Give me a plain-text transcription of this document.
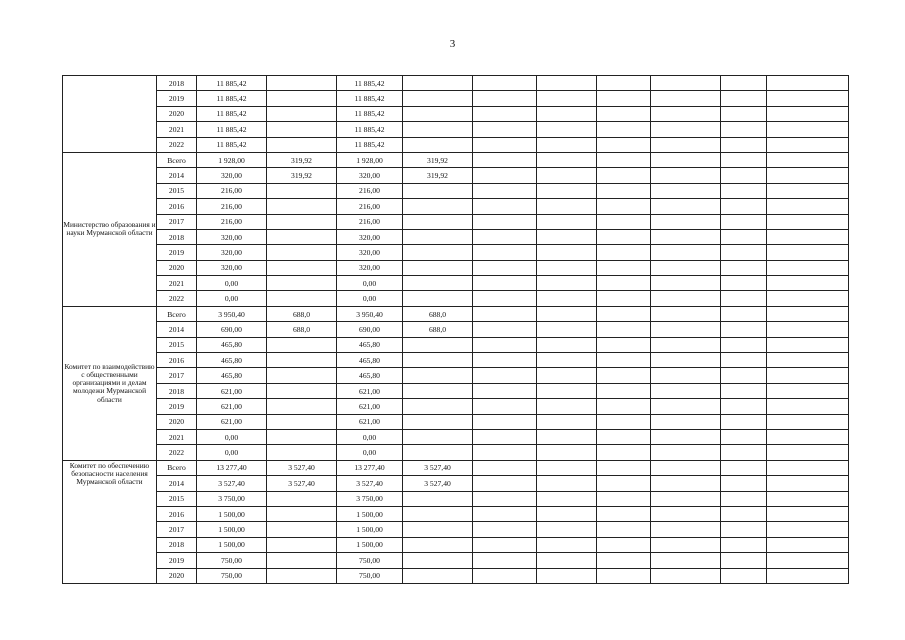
3
	2018	11 885,42		11 885,42							
	2019	11 885,42		11 885,42							
	2020	11 885,42		11 885,42							
	2021	11 885,42		11 885,42							
	2022	11 885,42		11 885,42							
Министерство образования и науки Мурманской области	Всего	1 928,00	319,92	1 928,00	319,92						
	2014	320,00	319,92	320,00	319,92						
	2015	216,00		216,00							
	2016	216,00		216,00							
	2017	216,00		216,00							
	2018	320,00		320,00							
	2019	320,00		320,00							
	2020	320,00		320,00							
	2021	0,00		0,00							
	2022	0,00		0,00							
Комитет по взаимодействию с общественными организациями и делам молодежи Мурманской области	Всего	3 950,40	688,0	3 950,40	688,0						
	2014	690,00	688,0	690,00	688,0						
	2015	465,80		465,80							
	2016	465,80		465,80							
	2017	465,80		465,80							
	2018	621,00		621,00							
	2019	621,00		621,00							
	2020	621,00		621,00							
	2021	0,00		0,00							
	2022	0,00		0,00							
Комитет по обеспечению безопасности населения Мурманской области	Всего	13 277,40	3 527,40	13 277,40	3 527,40						
	2014	3 527,40	3 527,40	3 527,40	3 527,40						
	2015	3 750,00		3 750,00							
	2016	1 500,00		1 500,00							
	2017	1 500,00		1 500,00							
	2018	1 500,00		1 500,00							
	2019	750,00		750,00							
	2020	750,00		750,00							
